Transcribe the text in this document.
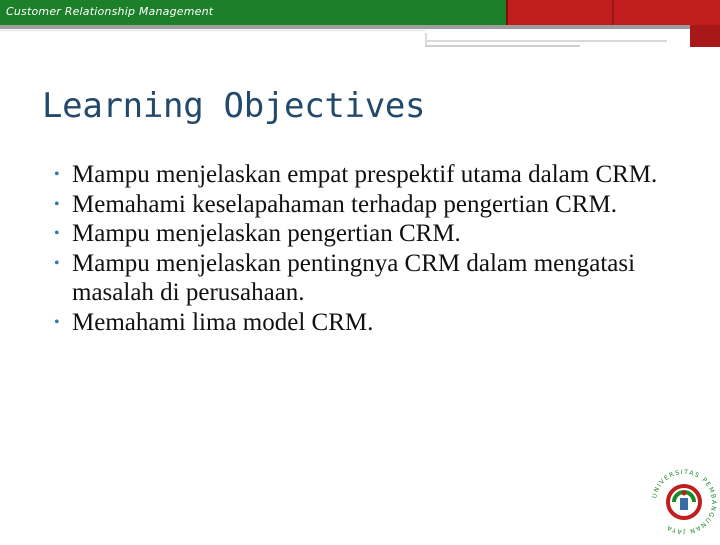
Customer Relationship Management
Learning Objectives
• Mampu menjelaskan empat prespektif utama dalam CRM.
• Memahami keselapahaman terhadap pengertian CRM.
• Mampu menjelaskan pengertian CRM.
• Mampu menjelaskan pentingnya CRM dalam mengatasi masalah di perusahaan.
• Memahami lima model CRM.
UNIVERSITAS PEMBANGUNAN JAYA
